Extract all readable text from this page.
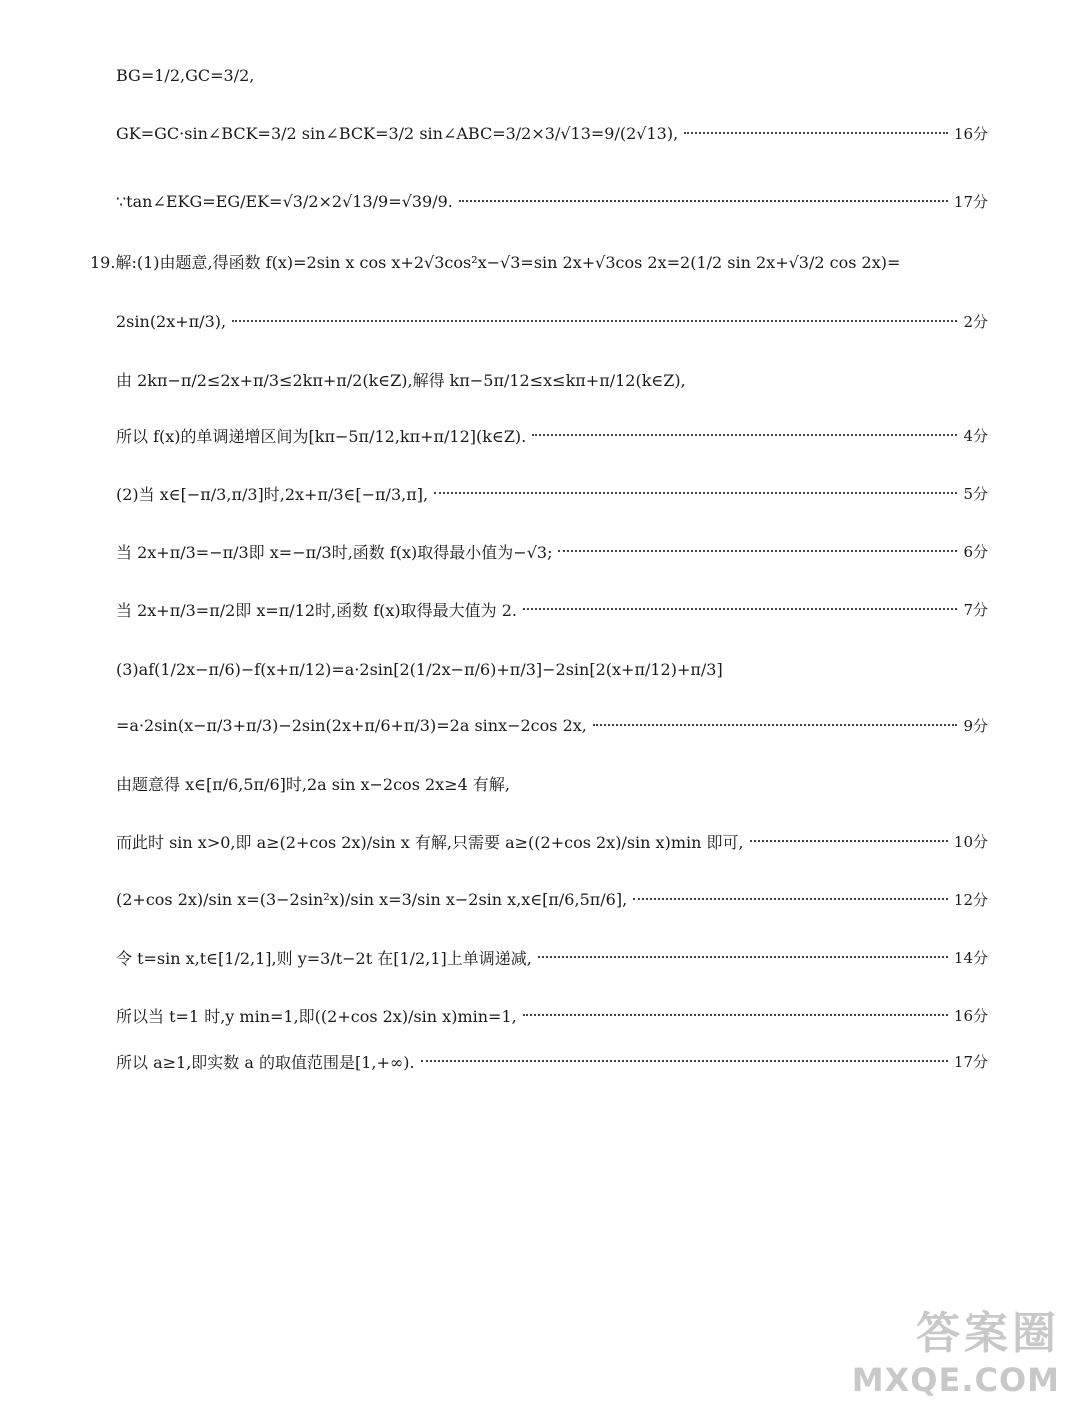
BG=1/2,GC=3/2,
GK=GC·sin∠BCK=3/2 sin∠BCK=3/2 sin∠ABC=3/2×3/√13=9/(2√13),	16分
∵tan∠EKG=EG/EK=√3/2×2√13/9=√39/9.	17分
19.解:(1)由题意,得函数 f(x)=2sin x cos x+2√3cos²x−√3=sin 2x+√3cos 2x=2(1/2 sin 2x+√3/2 cos 2x)=
2sin(2x+π/3),	2分
由 2kπ−π/2≤2x+π/3≤2kπ+π/2(k∈Z),解得 kπ−5π/12≤x≤kπ+π/12(k∈Z),
所以 f(x)的单调递增区间为[kπ−5π/12,kπ+π/12](k∈Z).	4分
(2)当 x∈[−π/3,π/3]时,2x+π/3∈[−π/3,π],	5分
当 2x+π/3=−π/3即 x=−π/3时,函数 f(x)取得最小值为−√3;	6分
当 2x+π/3=π/2即 x=π/12时,函数 f(x)取得最大值为 2.	7分
(3)af(1/2x−π/6)−f(x+π/12)=a·2sin[2(1/2x−π/6)+π/3]−2sin[2(x+π/12)+π/3]
=a·2sin(x−π/3+π/3)−2sin(2x+π/6+π/3)=2a sinx−2cos 2x,	9分
由题意得 x∈[π/6,5π/6]时,2a sin x−2cos 2x≥4 有解,
而此时 sin x>0,即 a≥(2+cos 2x)/sin x 有解,只需要 a≥((2+cos 2x)/sin x)min 即可,	10分
(2+cos 2x)/sin x=(3−2sin²x)/sin x=3/sin x−2sin x,x∈[π/6,5π/6],	12分
令 t=sin x,t∈[1/2,1],则 y=3/t−2t 在[1/2,1]上单调递减,	14分
所以当 t=1 时,y min=1,即((2+cos 2x)/sin x)min=1,	16分
所以 a≥1,即实数 a 的取值范围是[1,+∞).	17分
答案圈
MXQE.COM
